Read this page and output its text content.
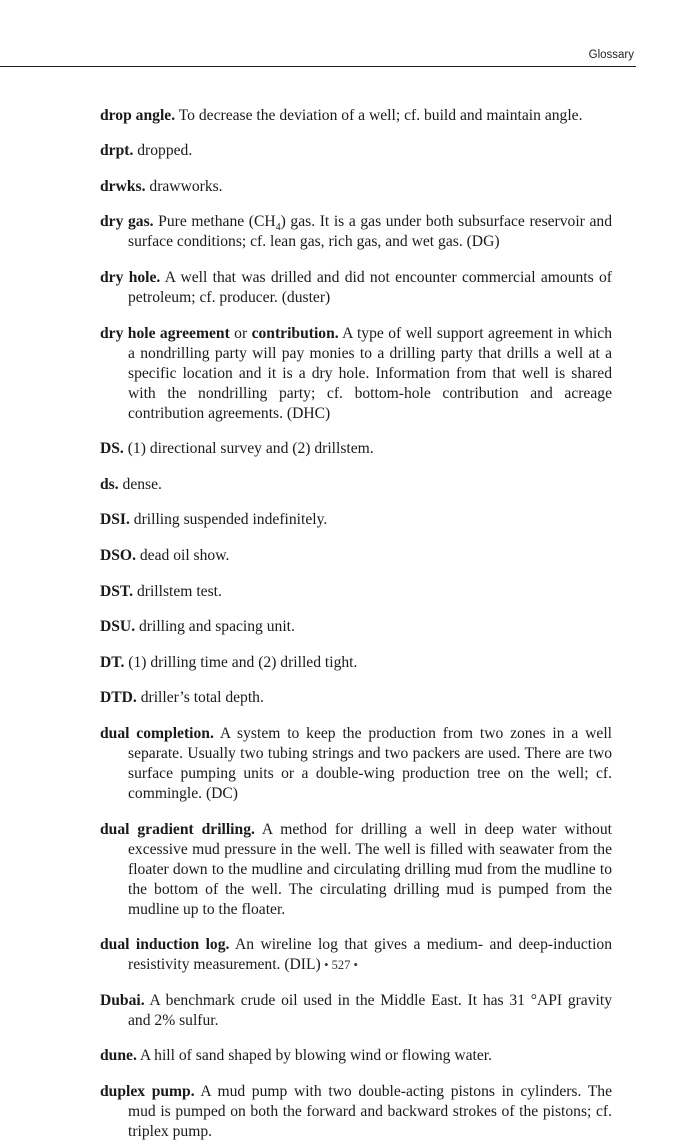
Glossary

drop angle. To decrease the deviation of a well; cf. build and maintain angle.

drpt. dropped.

drwks. drawworks.

dry gas. Pure methane $(CH_4)$ gas. It is a gas under both subsurface reservoir and surface conditions; cf. lean gas, rich gas, and wet gas. (DG)

dry hole. A well that was drilled and did not encounter commercial amounts of petroleum; cf. producer. (duster)

dry hole agreement or contribution. A type of well support agreement in which a nondrilling party will pay monies to a drilling party that drills a well at a specific location and it is a dry hole. Information from that well is shared with the nondrilling party; cf. bottom-hole contribution and acreage contribution agreements. (DHC)

DS. (1) directional survey and (2) drillstem.

ds. dense.

DSI. drilling suspended indefinitely.

DSO. dead oil show.

DST. drillstem test.

DSU. drilling and spacing unit.

DT. (1) drilling time and (2) drilled tight.

DTD. driller’s total depth.

dual completion. A system to keep the production from two zones in a well separate. Usually two tubing strings and two packers are used. There are two surface pumping units or a double-wing production tree on the well; cf. commingle. (DC)

dual gradient drilling. A method for drilling a well in deep water without excessive mud pressure in the well. The well is filled with seawater from the floater down to the mudline and circulating drilling mud from the mudline to the bottom of the well. The circulating drilling mud is pumped from the mudline up to the floater.

dual induction log. An wireline log that gives a medium- and deep-induction resistivity measurement. (DIL)

Dubai. A benchmark crude oil used in the Middle East. It has 31 °API gravity and 2% sulfur.

dune. A hill of sand shaped by blowing wind or flowing water.

duplex pump. A mud pump with two double-acting pistons in cylinders. The mud is pumped on both the forward and backward strokes of the pistons; cf. triplex pump.

• 527 •
